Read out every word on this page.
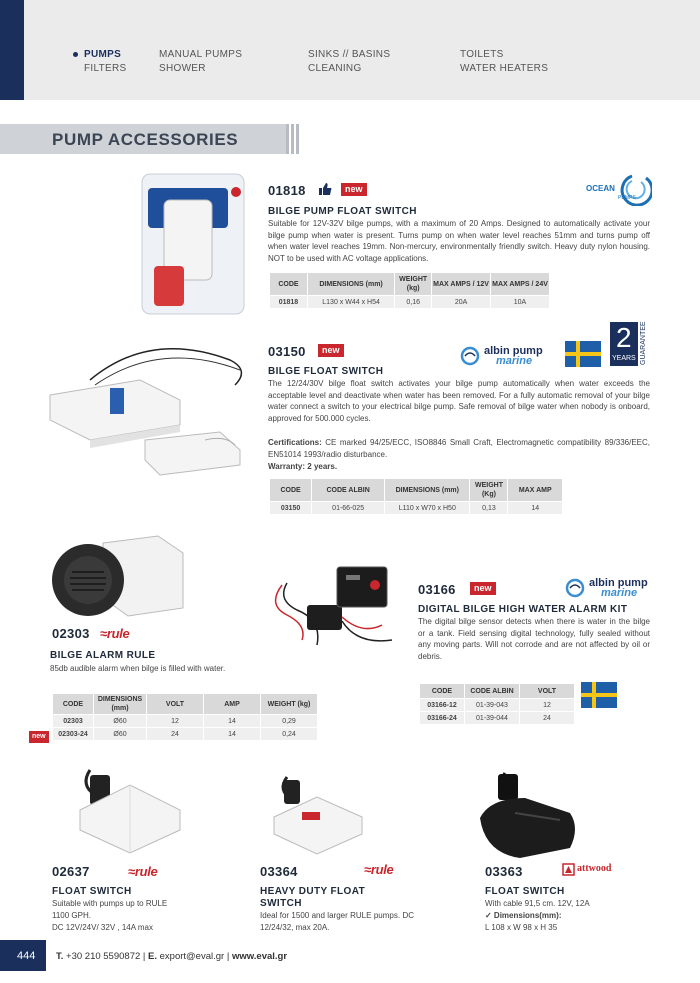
PUMPS
FILTERS
MANUAL PUMPS
SHOWER
SINKS // BASINS
CLEANING
TOILETS
WATER HEATERS
PUMP ACCESSORIES
01818	new	OCEAN
PUMPS
BILGE PUMP FLOAT SWITCH
Suitable for 12V-32V bilge pumps, with a maximum of 20 Amps. Designed to automatically activate your bilge pump when water is present. Turns pump on when water level reaches 51mm and turns pump off when water level reaches 19mm. Non-mercury, environmentally friendly switch. Heavy duty nylon housing. NOT to be used with AC voltage applications.
CODE	DIMENSIONS (mm)	WEIGHT (kg)	MAX AMPS / 12V	MAX AMPS / 24V
01818	L130 x W44 x H54	0,16	20A	10A
03150	new	albin pump
marine
2
YEARS GUARANTEE
BILGE FLOAT SWITCH
The 12/24/30V bilge float switch activates your bilge pump automatically when water exceeds the acceptable level and deactivate when water has been removed. For a fully automatic removal of your bilge water connect a switch to your electrical bilge pump. Safe removal of bilge water when nobody is onboard, approved for 500.000 cycles.
Certifications: CE marked 94/25/ECC, ISO8846 Small Craft, Electromagnetic compatibility 89/336/EEC, EN51014 1993/radio disturbance.
Warranty: 2 years.
CODE	CODE ALBIN	DIMENSIONS (mm)	WEIGHT (Kg)	MAX AMP
03150	01-66-025	L110 x W70 x H50	0,13	14
02303 ≈rule
BILGE ALARM RULE
85db audible alarm when bilge is filled with water.
new
CODE	DIMENSIONS (mm)	VOLT	AMP	WEIGHT (kg)
02303	Ø60	12	14	0,29
02303-24	Ø60	24	14	0,24
03166	new	albin pump
marine
DIGITAL BILGE HIGH WATER ALARM KIT
The digital bilge sensor detects when there is water in the bilge or a tank. Field sensing digital technology, fully sealed without any moving parts. Will not corrode and are not affected by oil or debris.
CODE	CODE ALBIN	VOLT
03166-12	01-39-043	12
03166-24	01-39-044	24
02637	≈rule
FLOAT SWITCH
Suitable with pumps up to RULE
1100 GPH.
DC 12V/24V/ 32V , 14A max
03364	≈rule
HEAVY DUTY FLOAT SWITCH
Ideal for 1500 and larger RULE pumps. DC 12/24/32, max 20A.
03363	attwood
FLOAT SWITCH
With cable 91,5 cm. 12V, 12A
✓ Dimensions(mm):
L 108 x W 98 x H 35
444 T. +30 210 5590872 | E. export@eval.gr | www.eval.gr
